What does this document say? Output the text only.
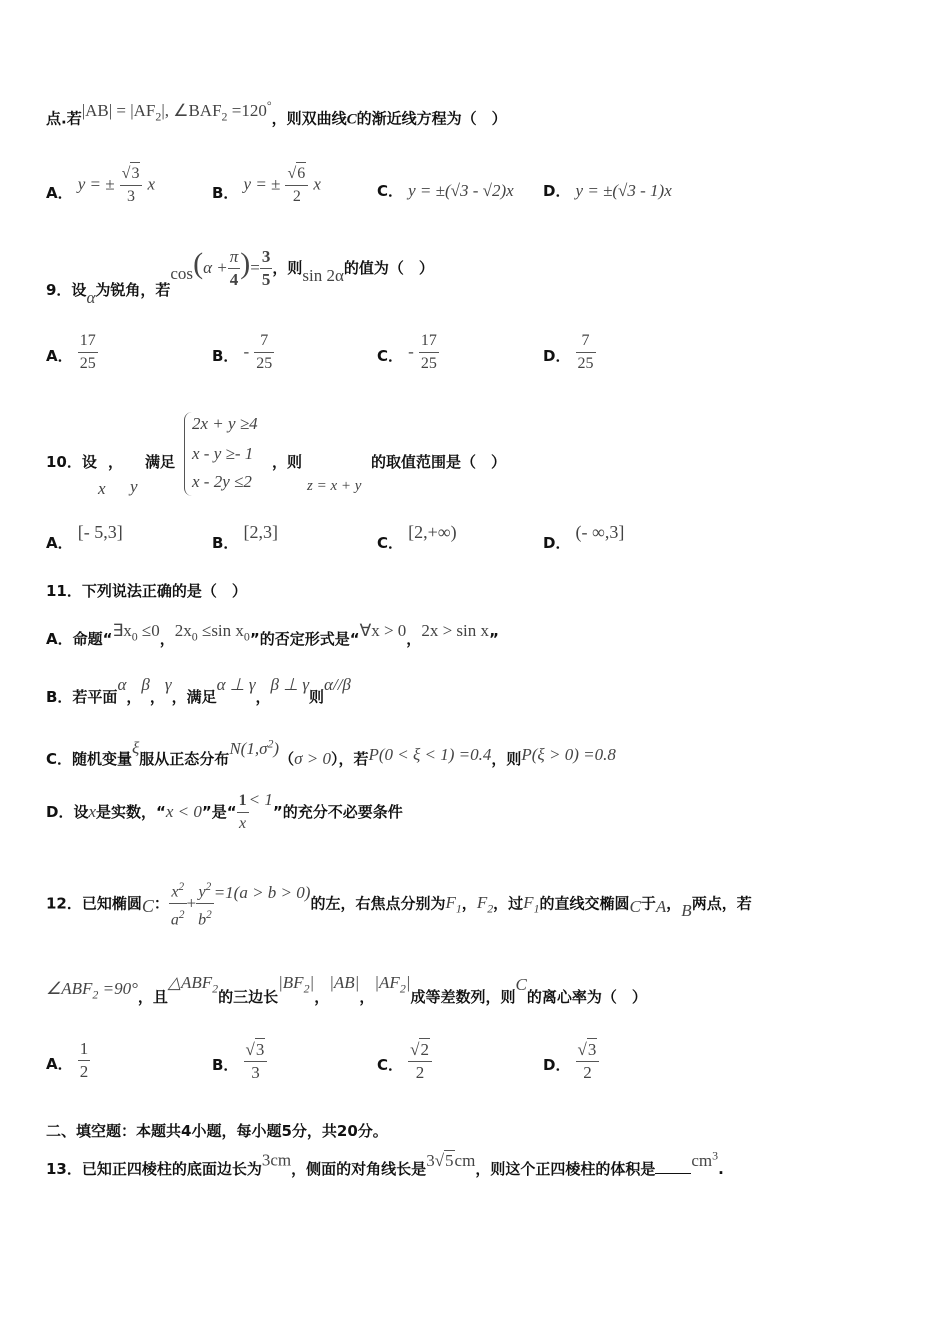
点.若$|AB| = |AF_2|$, $\angle BAF_2 =120^\circ$，则双曲线C的渐近线方程为（　）
A． y = ± $\frac{√3}{3}$ x	B． y = ± $\frac{√6}{2}$ x	C． y = ±(√3 - √2)x D． y = ±(√3 - 1)x
9．设α为锐角，若$\cos(\alpha + \frac{\pi}{4}$ )= $\frac{3}{5}$ ，则sin 2α的值为（　）
A． $\frac{17}{25}$	B． - $\frac{7}{25}$	C． - $\frac{17}{25}$	D． $\frac{7}{25}$
10．设 ， 满足
x y
2x + y ≥4
x - y ≥- 1
x - 2y ≤2
，则
z = x + y
的取值范围是（　）
A． [- 5,3]
B． [2,3]
C． [2,+∞)
D． (- ∞,3]
11．下列说法正确的是（　）
A．命题“$\exists x_0 \le 0$，$2x_0 \le\sin$ $x_0$”的否定形式是“∀x > 0，2x > sin x”
B．若平面α，β，γ，满足α ⊥ γ，β ⊥ γ则α//β
C．随机变量ξ服从正态分布$N(1,\sigma^2)(\sigma > 0)$，若P(0 < ξ < 1) =0.4，则P(ξ > 0) =0.8
D．设x是实数，“x < 0”是“ $\frac{1}{x} < 1$”的充分不必要条件
12．已知椭圆C： $\frac{x^2}{a^2} + \frac{y^2}{b^2} =1(a > b > 0)$的左，右焦点分别为$F_1$，$F_2$，过$F_1$的直线交椭圆C于A，B两点，若
$\angle ABF_2 =90^\circ$，且$\triangle ABF_2$的三边长$|BF_2|$，|AB|，$|AF_2|$成等差数列，则C的离心率为（　）
A． $\frac{1}{2}$	B． $\frac{√3}{3}$	C． $\frac{√2}{2}$	D． $\frac{√3}{2}$
二、填空题：本题共4小题，每小题5分，共20分。
13．已知正四棱柱的底面边长为3cm，侧面的对角线长是3√5cm，则这个正四棱柱的体积是 $cm^3$.
